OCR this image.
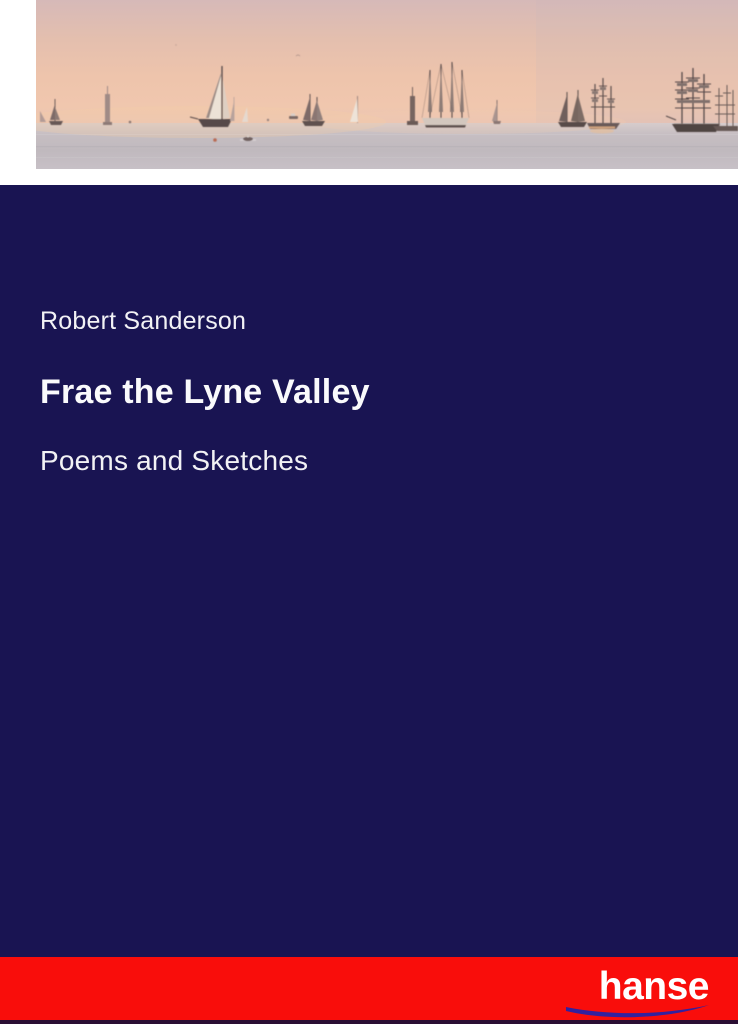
Robert Sanderson
Frae the Lyne Valley
Poems and Sketches
hanse
